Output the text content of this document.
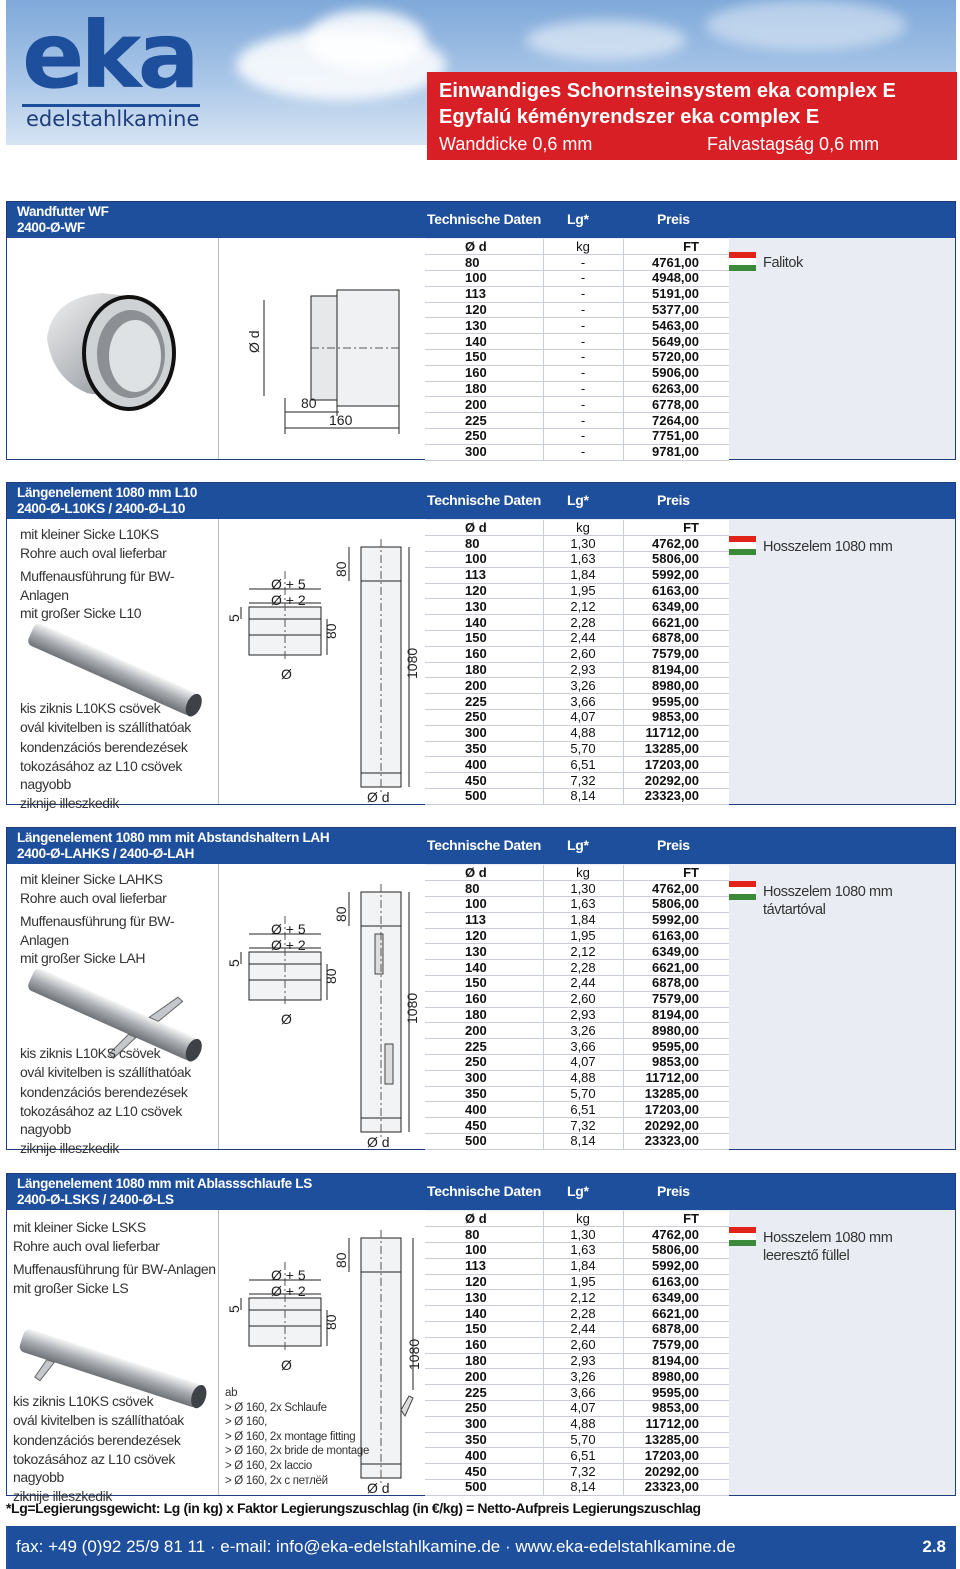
eka
edelstahlkamine
Einwandiges Schornsteinsystem eka complex E
Egyfalú kéményrendszer eka complex E
Wanddicke 0,6 mm	Falvastagság 0,6 mm
Wandfutter WF
2400-Ø-WF
Technische Daten Lg*	Preis
Ø d
80
160
Ø d	kg	FT
80	-	4761,00
100	-	4948,00
113	-	5191,00
120	-	5377,00
130	-	5463,00
140	-	5649,00
150	-	5720,00
160	-	5906,00
180	-	6263,00
200	-	6778,00
225	-	7264,00
250	-	7751,00
300	-	9781,00
Falitok
Längenelement 1080 mm L10
2400-Ø-L10KS / 2400-Ø-L10
Technische Daten Lg*	Preis
mit kleiner Sicke L10KS
Rohre auch oval lieferbar
Muffenausführung für BW-Anlagen
mit großer Sicke L10
kis ziknis L10KS csövek
ovál kivitelben is szállíthatóak
kondenzációs berendezések
tokozásához az L10 csövek nagyobb
ziknije illeszkedik
Ø + 5
Ø + 2
Ø
5
80
80
1080
Ø d
Ø d	kg	FT
80	1,30	4762,00
100	1,63	5806,00
113	1,84	5992,00
120	1,95	6163,00
130	2,12	6349,00
140	2,28	6621,00
150	2,44	6878,00
160	2,60	7579,00
180	2,93	8194,00
200	3,26	8980,00
225	3,66	9595,00
250	4,07	9853,00
300	4,88	11712,00
350	5,70	13285,00
400	6,51	17203,00
450	7,32	20292,00
500	8,14	23323,00
Hosszelem 1080 mm
Längenelement 1080 mm mit Abstandshaltern LAH
2400-Ø-LAHKS / 2400-Ø-LAH
Technische Daten Lg*	Preis
mit kleiner Sicke LAHKS
Rohre auch oval lieferbar
Muffenausführung für BW-Anlagen
mit großer Sicke LAH
kis ziknis L10KS csövek
ovál kivitelben is szállíthatóak
kondenzációs berendezések
tokozásához az L10 csövek nagyobb
ziknije illeszkedik
Ø + 5
Ø + 2
Ø
5
80
80
1080
Ø d
Ø d	kg	FT
80	1,30	4762,00
100	1,63	5806,00
113	1,84	5992,00
120	1,95	6163,00
130	2,12	6349,00
140	2,28	6621,00
150	2,44	6878,00
160	2,60	7579,00
180	2,93	8194,00
200	3,26	8980,00
225	3,66	9595,00
250	4,07	9853,00
300	4,88	11712,00
350	5,70	13285,00
400	6,51	17203,00
450	7,32	20292,00
500	8,14	23323,00
Hosszelem 1080 mm távtartóval
Längenelement 1080 mm mit Ablassschlaufe LS
2400-Ø-LSKS / 2400-Ø-LS
Technische Daten Lg*	Preis
mit kleiner Sicke LSKS
Rohre auch oval lieferbar
Muffenausführung für BW-Anlagen
mit großer Sicke LS
kis ziknis L10KS csövek
ovál kivitelben is szállíthatóak
kondenzációs berendezések
tokozásához az L10 csövek nagyobb
ziknije illeszkedik
Ø + 5
Ø + 2
Ø
5
80
80
1080
Ø d
ab
> Ø 160, 2x Schlaufe
> Ø 160,
> Ø 160, 2x montage fitting
> Ø 160, 2x bride de montage
> Ø 160, 2x laccio
> Ø 160, 2x с петлёй
Ø d	kg	FT
80	1,30	4762,00
100	1,63	5806,00
113	1,84	5992,00
120	1,95	6163,00
130	2,12	6349,00
140	2,28	6621,00
150	2,44	6878,00
160	2,60	7579,00
180	2,93	8194,00
200	3,26	8980,00
225	3,66	9595,00
250	4,07	9853,00
300	4,88	11712,00
350	5,70	13285,00
400	6,51	17203,00
450	7,32	20292,00
500	8,14	23323,00
Hosszelem 1080 mm leeresztő füllel
*Lg=Legierungsgewicht: Lg (in kg) x Faktor Legierungszuschlag (in €/kg) = Netto-Aufpreis Legierungszuschlag
fax: +49 (0)92 25/9 81 11 · e-mail: info@eka-edelstahlkamine.de · www.eka-edelstahlkamine.de	2.8
